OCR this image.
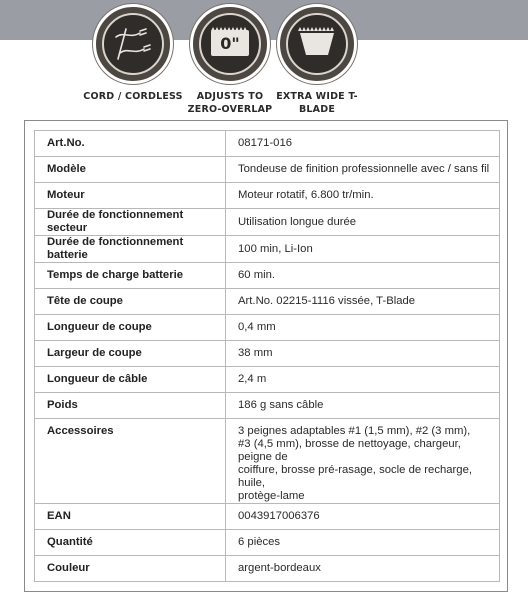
CORD / CORDLESS
0"
ADJUSTS TO
ZERO-OVERLAP
EXTRA WIDE T-BLADE
Art.No.	08171-016
Modèle	Tondeuse de finition professionnelle avec / sans fil
Moteur	Moteur rotatif, 6.800 tr/min.
Durée de fonctionnement secteur	Utilisation longue durée
Durée de fonctionnement batterie	100 min, Li-Ion
Temps de charge batterie	60 min.
Tête de coupe	Art.No. 02215-1116 vissée, T-Blade
Longueur de coupe	0,4 mm
Largeur de coupe	38 mm
Longueur de câble	2,4 m
Poids	186 g sans câble
Accessoires	3 peignes adaptables #1 (1,5 mm), #2 (3 mm),
#3 (4,5 mm), brosse de nettoyage, chargeur, peigne de
coiffure, brosse pré-rasage, socle de recharge, huile,
protège-lame

EAN	0043917006376
Quantité	6 pièces
Couleur	argent-bordeaux
